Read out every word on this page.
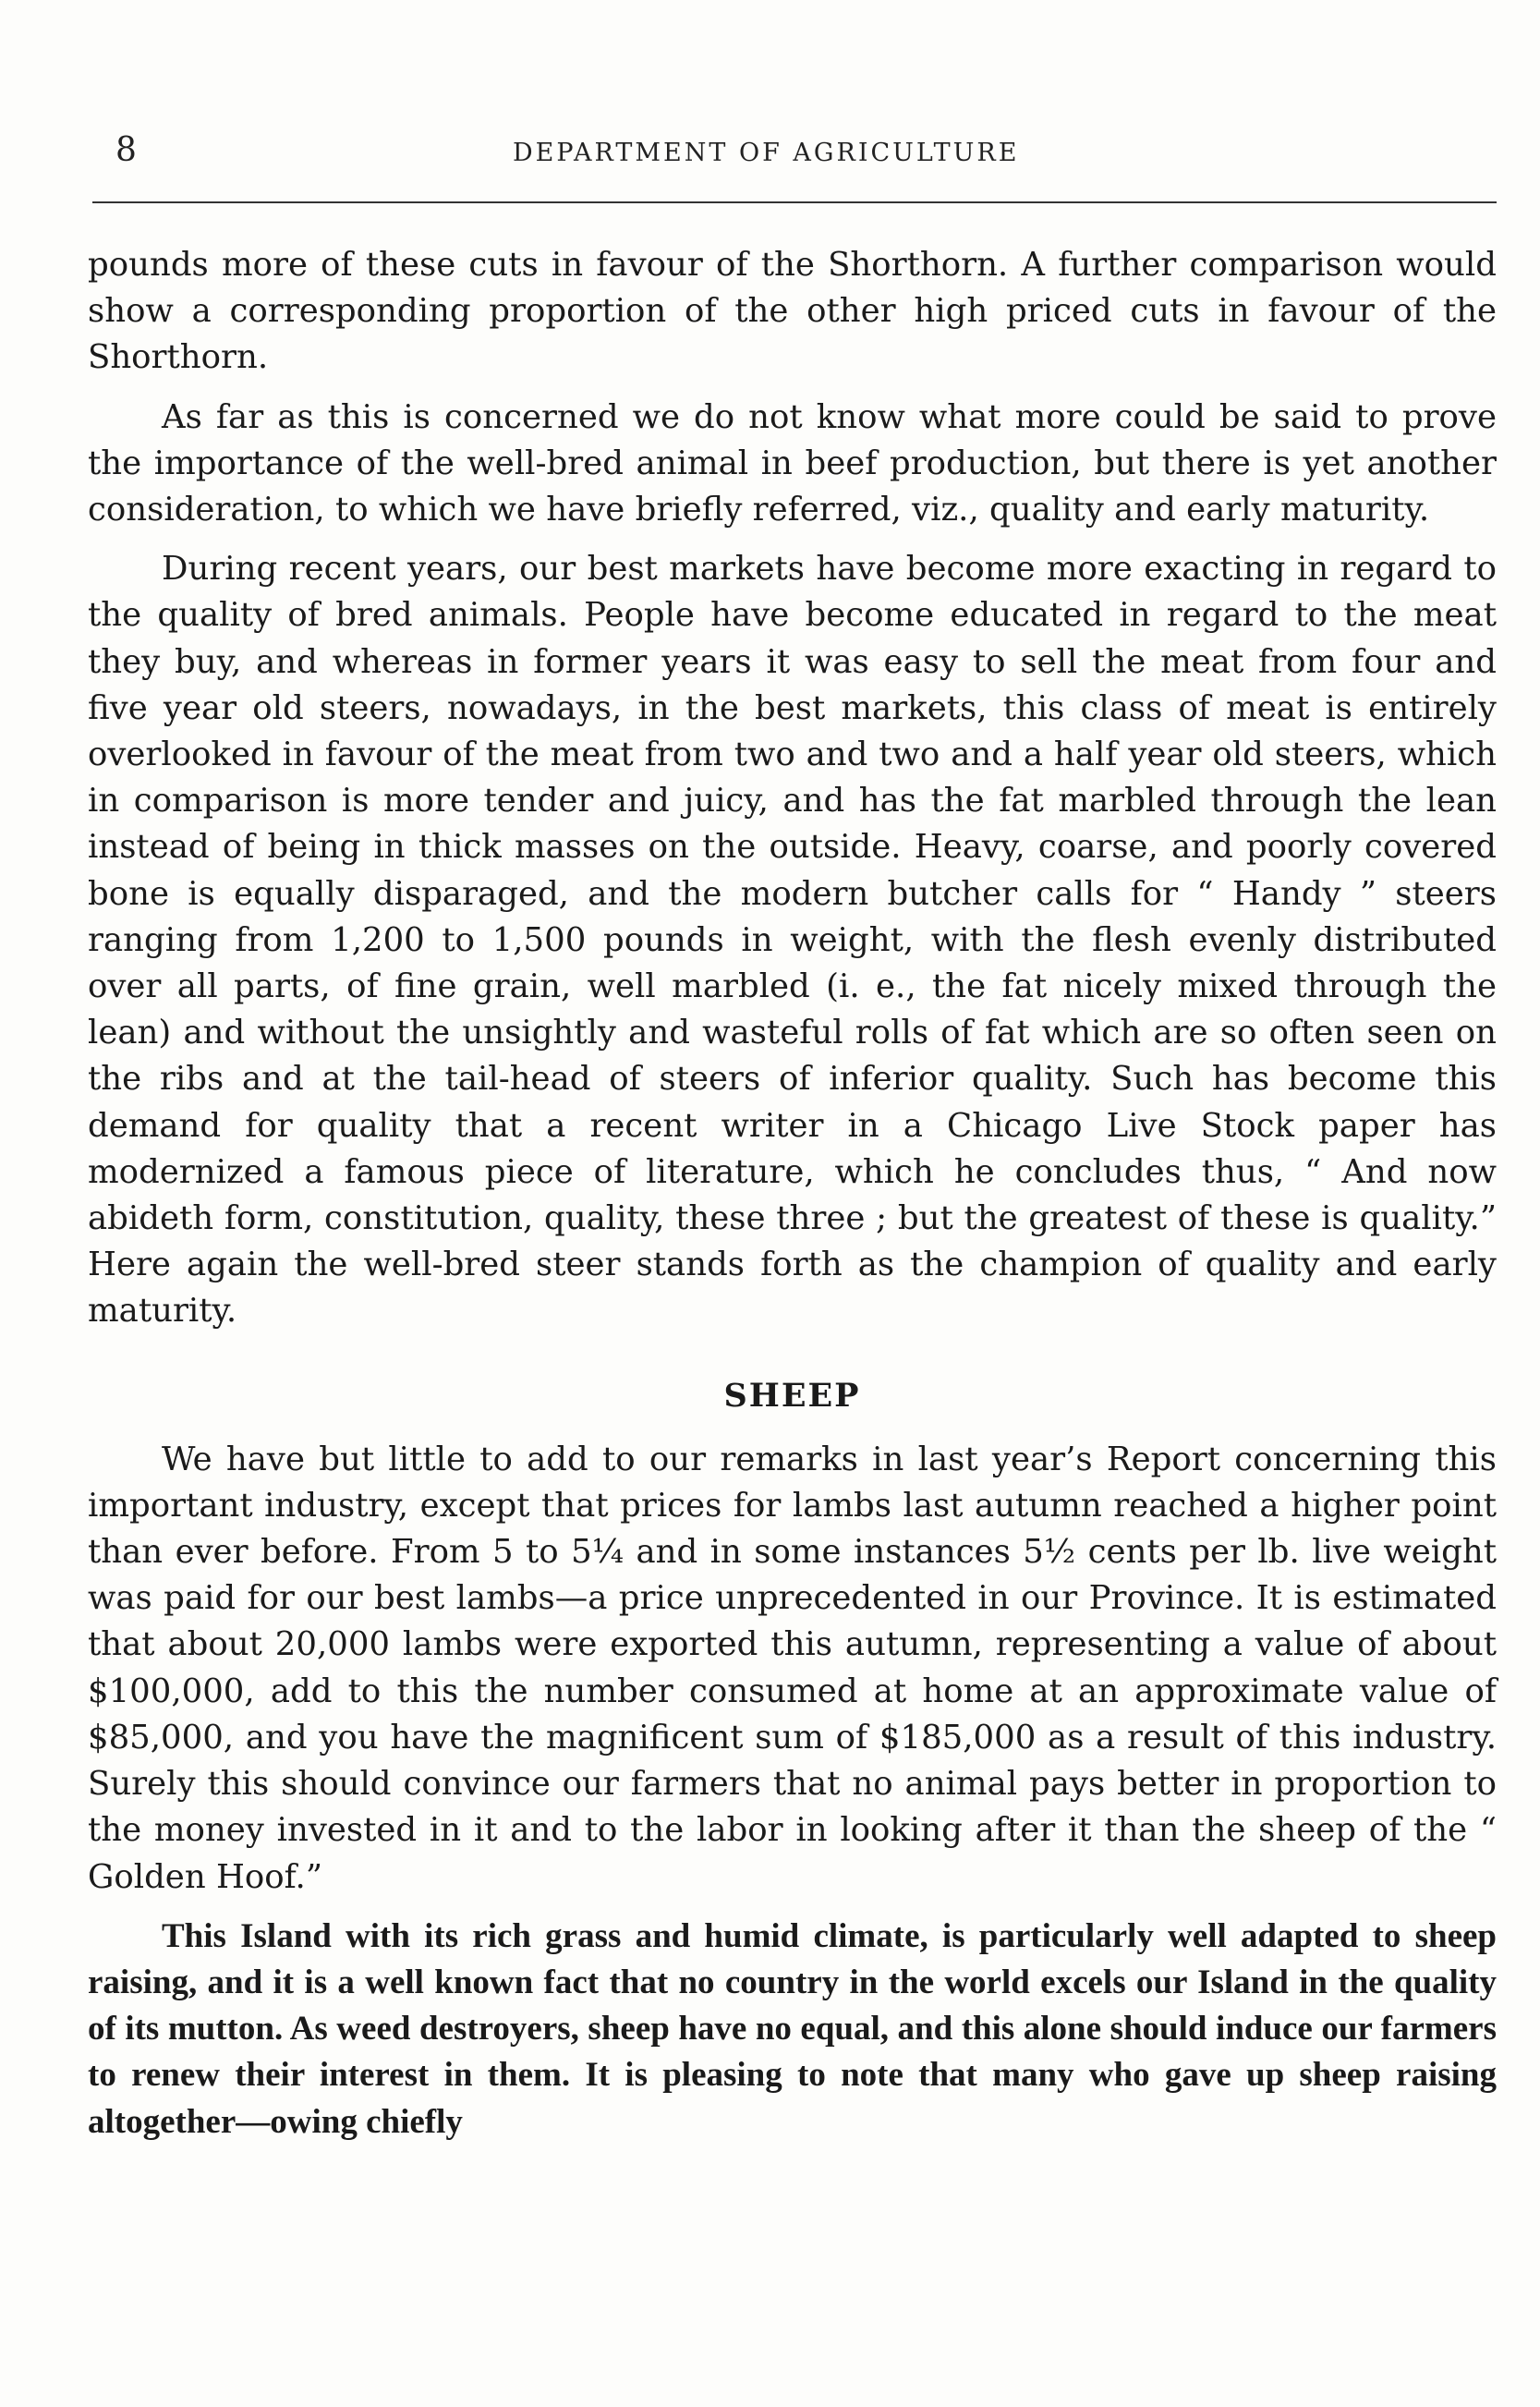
8	DEPARTMENT OF AGRICULTURE

pounds more of these cuts in favour of the Shorthorn. A further comparison would show a corresponding proportion of the other high priced cuts in favour of the Shorthorn.

As far as this is concerned we do not know what more could be said to prove the importance of the well-bred animal in beef production, but there is yet another consideration, to which we have briefly referred, viz., quality and early maturity.

During recent years, our best markets have become more exacting in regard to the quality of bred animals. People have become educated in regard to the meat they buy, and whereas in former years it was easy to sell the meat from four and five year old steers, nowadays, in the best markets, this class of meat is entirely overlooked in favour of the meat from two and two and a half year old steers, which in comparison is more tender and juicy, and has the fat marbled through the lean instead of being in thick masses on the outside. Heavy, coarse, and poorly covered bone is equally disparaged, and the modern butcher calls for “ Handy ” steers ranging from 1,200 to 1,500 pounds in weight, with the flesh evenly distributed over all parts, of fine grain, well marbled (i. e., the fat nicely mixed through the lean) and without the unsightly and wasteful rolls of fat which are so often seen on the ribs and at the tail-head of steers of inferior quality. Such has become this demand for quality that a recent writer in a Chicago Live Stock paper has modernized a famous piece of literature, which he concludes thus, “ And now abideth form, constitution, quality, these three ; but the greatest of these is quality.” Here again the well-bred steer stands forth as the champion of quality and early maturity.

SHEEP

We have but little to add to our remarks in last year’s Report concerning this important industry, except that prices for lambs last autumn reached a higher point than ever before. From 5 to 5¼ and in some instances 5½ cents per lb. live weight was paid for our best lambs—a price unprecedented in our Province. It is estimated that about 20,000 lambs were exported this autumn, representing a value of about $100,000, add to this the number consumed at home at an approximate value of $85,000, and you have the magnificent sum of $185,000 as a result of this industry. Surely this should convince our farmers that no animal pays better in proportion to the money invested in it and to the labor in looking after it than the sheep of the “ Golden Hoof.”

This Island with its rich grass and humid climate, is particularly well adapted to sheep raising, and it is a well known fact that no country in the world excels our Island in the quality of its mutton. As weed destroyers, sheep have no equal, and this alone should induce our farmers to renew their interest in them. It is pleasing to note that many who gave up sheep raising altogether—owing chiefly
